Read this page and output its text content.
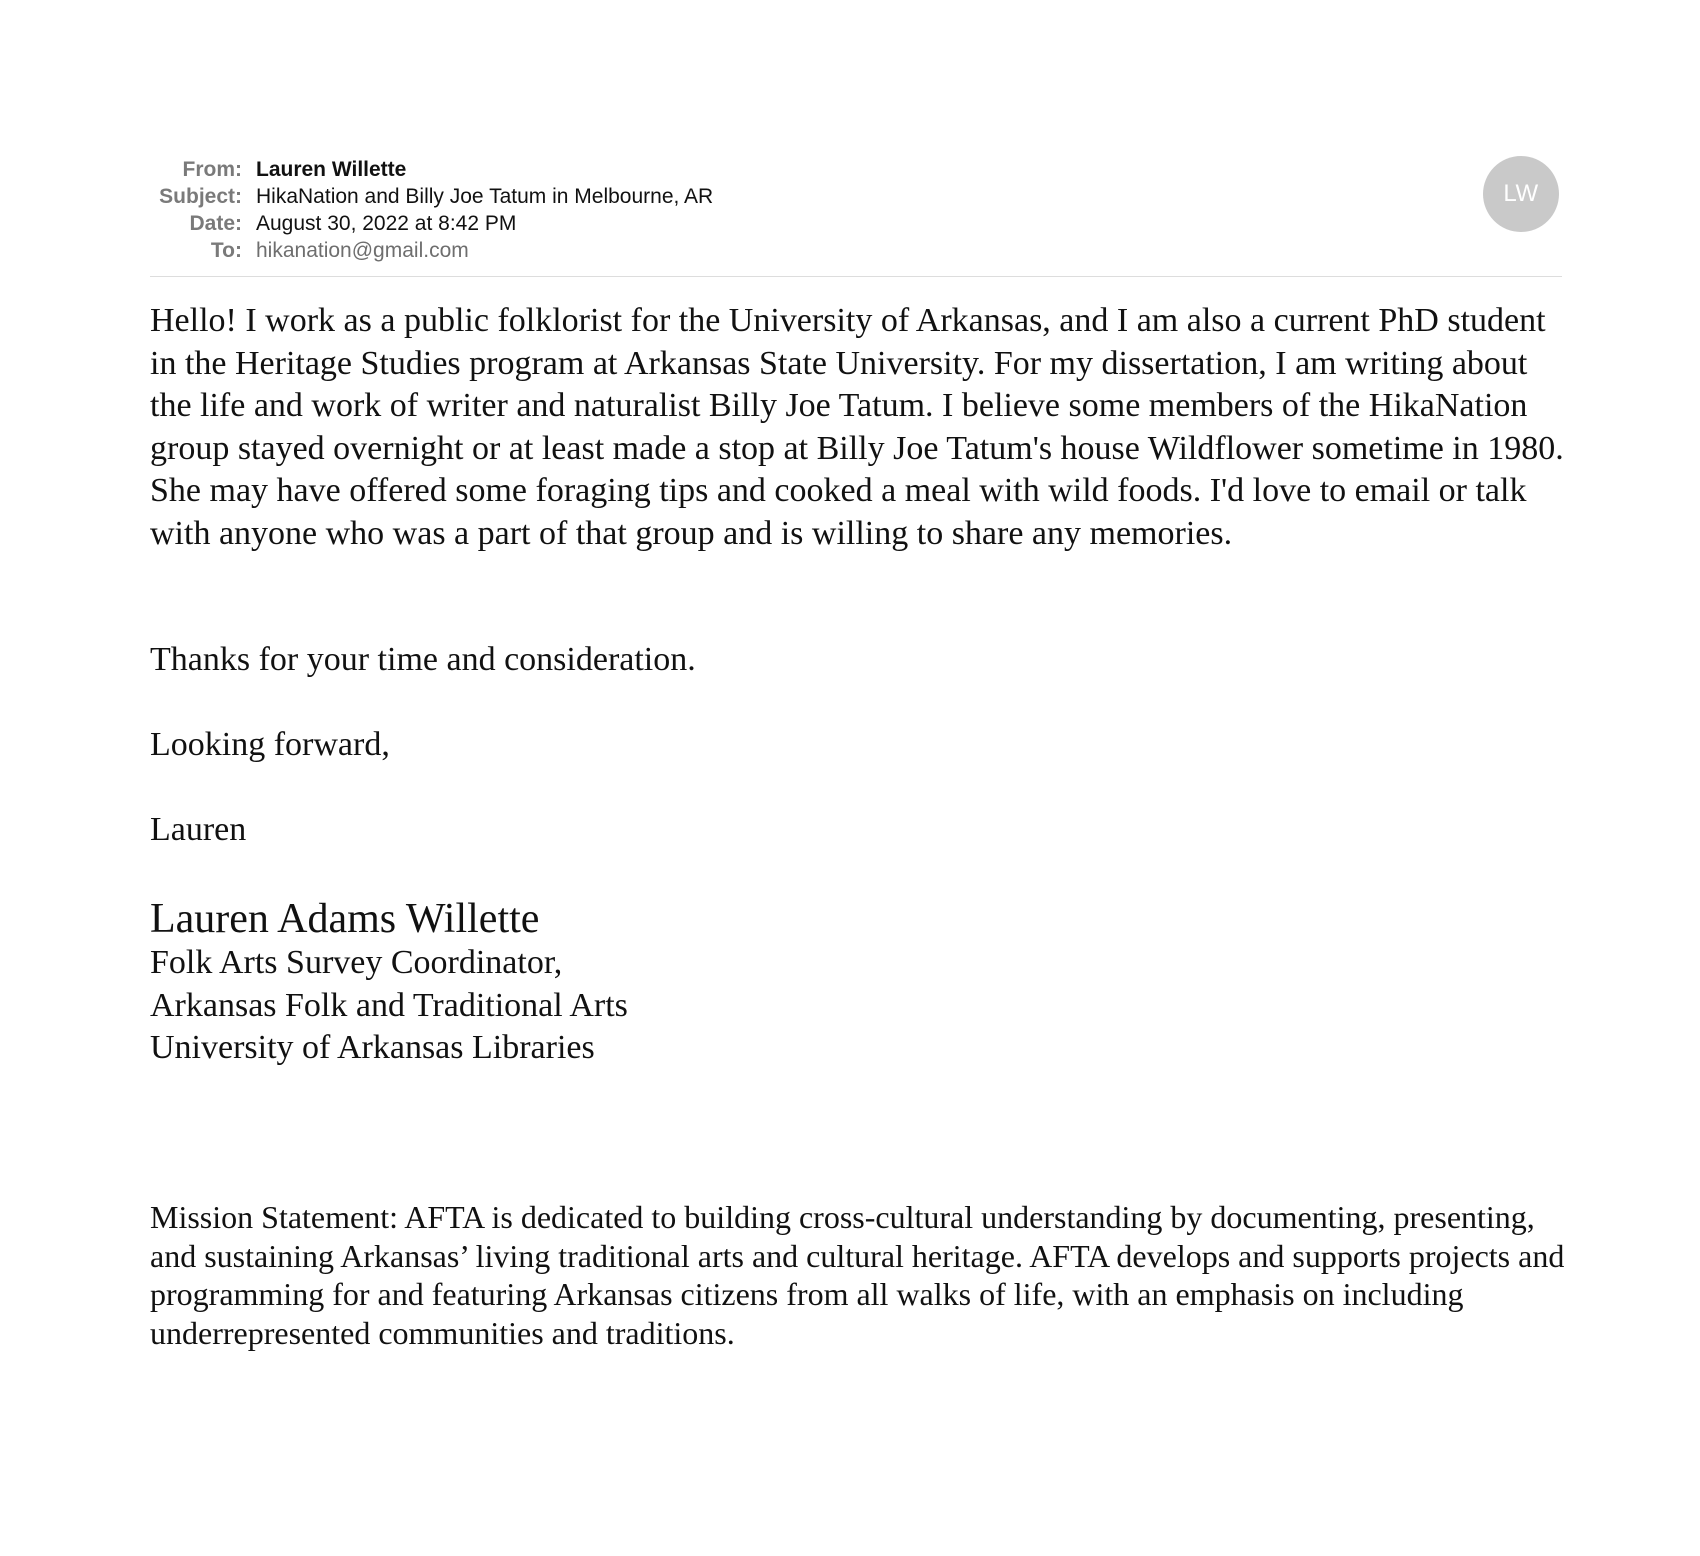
From: Lauren Willette
Subject: HikaNation and Billy Joe Tatum in Melbourne, AR
Date: August 30, 2022 at 8:42 PM
To: hikanation@gmail.com
LW

Hello! I work as a public folklorist for the University of Arkansas, and I am also a current PhD student in the Heritage Studies program at Arkansas State University. For my dissertation, I am writing about the life and work of writer and naturalist Billy Joe Tatum. I believe some members of the HikaNation group stayed overnight or at least made a stop at Billy Joe Tatum's house Wildflower sometime in 1980. She may have offered some foraging tips and cooked a meal with wild foods. I'd love to email or talk with anyone who was a part of that group and is willing to share any memories.

Thanks for your time and consideration.

Looking forward,

Lauren

Lauren Adams Willette

Folk Arts Survey Coordinator,
Arkansas Folk and Traditional Arts
University of Arkansas Libraries

Mission Statement: AFTA is dedicated to building cross-cultural understanding by documenting, presenting, and sustaining Arkansas’ living traditional arts and cultural heritage. AFTA develops and supports projects and programming for and featuring Arkansas citizens from all walks of life, with an emphasis on including underrepresented communities and traditions.
